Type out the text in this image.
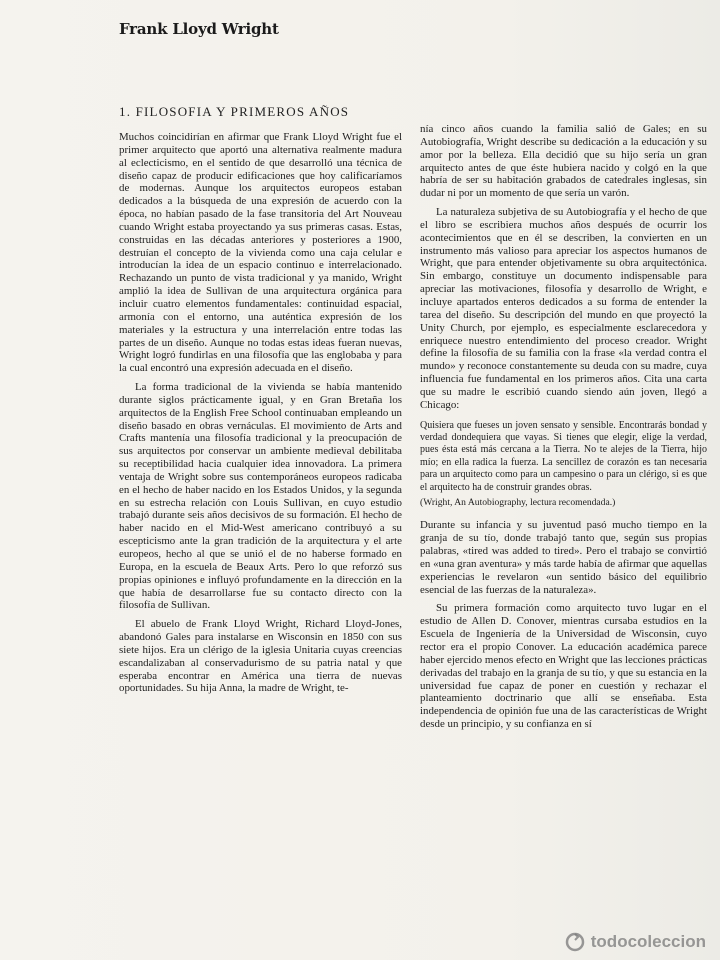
Frank Lloyd Wright
1. FILOSOFIA Y PRIMEROS AÑOS

Muchos coincidirían en afirmar que Frank Lloyd Wright fue el primer arquitecto que aportó una alternativa realmente madura al eclecticismo, en el sentido de que desarrolló una técnica de diseño capaz de producir edificaciones que hoy calificaríamos de modernas. Aunque los arquitectos europeos estaban dedicados a la búsqueda de una expresión de acuerdo con la época, no habían pasado de la fase transitoria del Art Nouveau cuando Wright estaba proyectando ya sus primeras casas. Estas, construidas en las décadas anteriores y posteriores a 1900, destruían el concepto de la vivienda como una caja celular e introducían la idea de un espacio continuo e interrelacionado. Rechazando un punto de vista tradicional y ya manido, Wright amplió la idea de Sullivan de una arquitectura orgánica para incluir cuatro elementos fundamentales: continuidad espacial, armonía con el entorno, una auténtica expresión de los materiales y la estructura y una interrelación entre todas las partes de un diseño. Aunque no todas estas ideas fueran nuevas, Wright logró fundirlas en una filosofía que las englobaba y para la cual encontró una expresión adecuada en el diseño.

La forma tradicional de la vivienda se había mantenido durante siglos prácticamente igual, y en Gran Bretaña los arquitectos de la English Free School continuaban empleando un diseño basado en obras vernáculas. El movimiento de Arts and Crafts mantenía una filosofía tradicional y la preocupación de sus arquitectos por conservar un ambiente medieval debilitaba su receptibilidad hacia cualquier idea innovadora. La primera ventaja de Wright sobre sus contemporáneos europeos radicaba en el hecho de haber nacido en los Estados Unidos, y la segunda en su estrecha relación con Louis Sullivan, en cuyo estudio trabajó durante seis años decisivos de su formación. El hecho de haber nacido en el Mid-West americano contribuyó a su escepticismo ante la gran tradición de la arquitectura y el arte europeos, hecho al que se unió el de no haberse formado en Europa, en la escuela de Beaux Arts. Pero lo que reforzó sus propias opiniones e influyó profundamente en la dirección en la que había de desarrollarse fue su contacto directo con la filosofía de Sullivan.

El abuelo de Frank Lloyd Wright, Richard Lloyd-Jones, abandonó Gales para instalarse en Wisconsin en 1850 con sus siete hijos. Era un clérigo de la iglesia Unitaria cuyas creencias escandalizaban al conservadurismo de su patria natal y que esperaba encontrar en América una tierra de nuevas oportunidades. Su hija Anna, la madre de Wright, te-

nía cinco años cuando la familia salió de Gales; en su Autobiografía, Wright describe su dedicación a la educación y su amor por la belleza. Ella decidió que su hijo sería un gran arquitecto antes de que éste hubiera nacido y colgó en la que habría de ser su habitación grabados de catedrales inglesas, sin dudar ni por un momento de que sería un varón.

La naturaleza subjetiva de su Autobiografía y el hecho de que el libro se escribiera muchos años después de ocurrir los acontecimientos que en él se describen, la convierten en un instrumento más valioso para apreciar los aspectos humanos de Wright, que para entender objetivamente su obra arquitectónica. Sin embargo, constituye un documento indispensable para apreciar las motivaciones, filosofía y desarrollo de Wright, e incluye apartados enteros dedicados a su forma de entender la tarea del diseño. Su descripción del mundo en que proyectó la Unity Church, por ejemplo, es especialmente esclarecedora y enriquece nuestro entendimiento del proceso creador. Wright define la filosofía de su familia con la frase «la verdad contra el mundo» y reconoce constantemente su deuda con su madre, cuya influencia fue fundamental en los primeros años. Cita una carta que su madre le escribió cuando siendo aún joven, llegó a Chicago:

Quisiera que fueses un joven sensato y sensible. Encontrarás bondad y verdad dondequiera que vayas. Si tienes que elegir, elige la verdad, pues ésta está más cercana a la Tierra. No te alejes de la Tierra, hijo mío; en ella radica la fuerza. La sencillez de corazón es tan necesaria para un arquitecto como para un campesino o para un clérigo, si es que el arquitecto ha de construir grandes obras.
(Wright, An Autobiography, lectura recomendada.)

Durante su infancia y su juventud pasó mucho tiempo en la granja de su tío, donde trabajó tanto que, según sus propias palabras, «tired was added to tired». Pero el trabajo se convirtió en «una gran aventura» y más tarde había de afirmar que aquellas experiencias le revelaron «un sentido básico del equilibrio esencial de las fuerzas de la naturaleza».

Su primera formación como arquitecto tuvo lugar en el estudio de Allen D. Conover, mientras cursaba estudios en la Escuela de Ingeniería de la Universidad de Wisconsin, cuyo rector era el propio Conover. La educación académica parece haber ejercido menos efecto en Wright que las lecciones prácticas derivadas del trabajo en la granja de su tío, y que su estancia en la universidad fue capaz de poner en cuestión y rechazar el planteamiento doctrinario que allí se enseñaba. Esta independencia de opinión fue una de las características de Wright desde un principio, y su confianza en sí

todocoleccion
